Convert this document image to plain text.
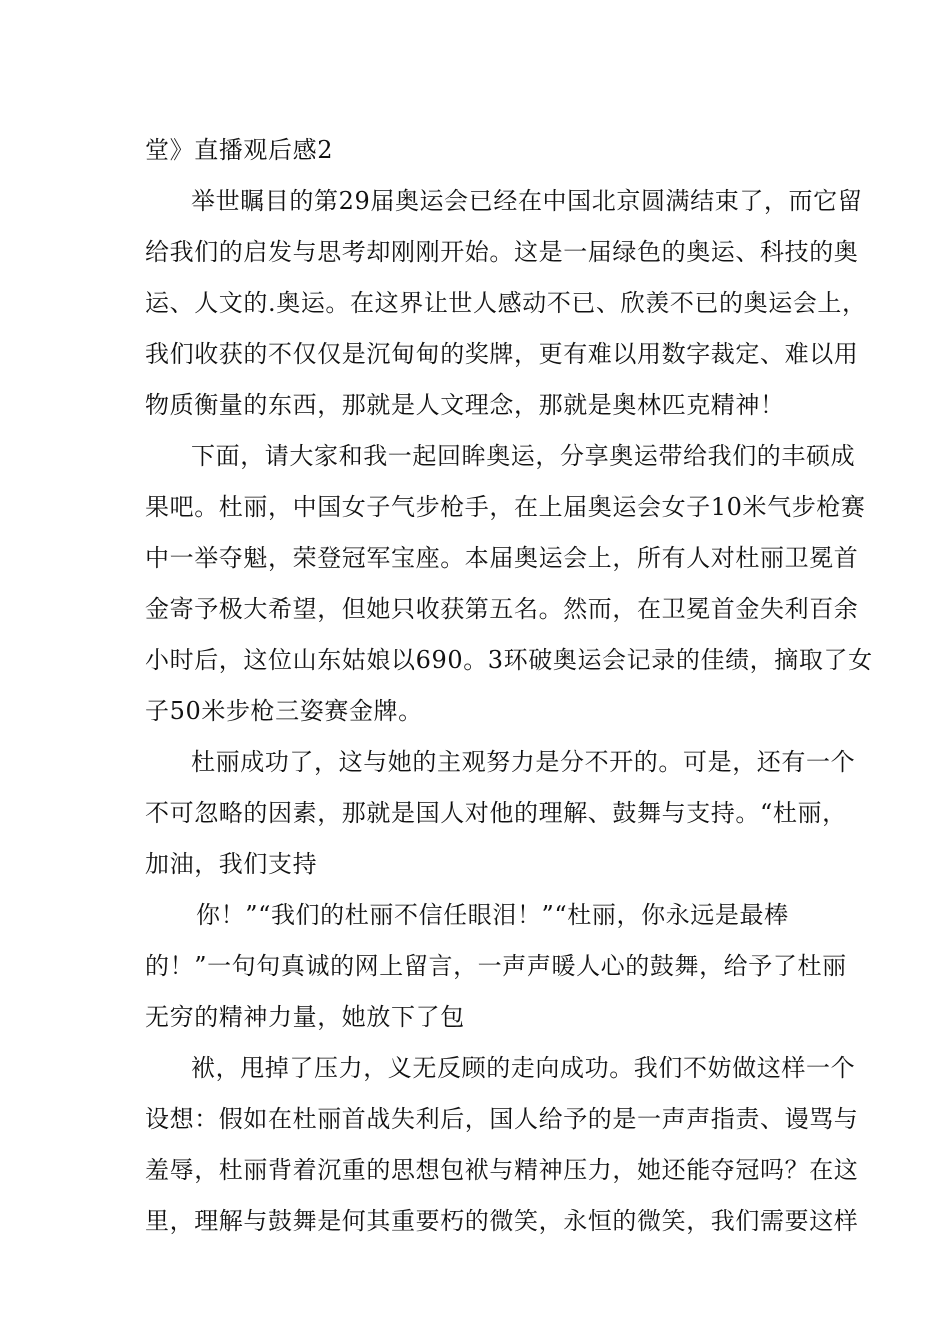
堂》直播观后感2
举世瞩目的第29届奥运会已经在中国北京圆满结束了，而它留
给我们的启发与思考却刚刚开始。这是一届绿色的奥运、科技的奥
运、人文的.奥运。在这界让世人感动不已、欣羡不已的奥运会上，
我们收获的不仅仅是沉甸甸的奖牌，更有难以用数字裁定、难以用
物质衡量的东西，那就是人文理念，那就是奥林匹克精神！
下面，请大家和我一起回眸奥运，分享奥运带给我们的丰硕成
果吧。杜丽，中国女子气步枪手，在上届奥运会女子10米气步枪赛
中一举夺魁，荣登冠军宝座。本届奥运会上，所有人对杜丽卫冕首
金寄予极大希望，但她只收获第五名。然而，在卫冕首金失利百余
小时后，这位山东姑娘以690。3环破奥运会记录的佳绩，摘取了女
子50米步枪三姿赛金牌。
杜丽成功了，这与她的主观努力是分不开的。可是，还有一个
不可忽略的因素，那就是国人对他的理解、鼓舞与支持。“杜丽，
加油，我们支持
你！”“我们的杜丽不信任眼泪！”“杜丽，你永远是最棒
的！”一句句真诚的网上留言，一声声暖人心的鼓舞，给予了杜丽
无穷的精神力量，她放下了包
袱，甩掉了压力，义无反顾的走向成功。我们不妨做这样一个
设想：假如在杜丽首战失利后，国人给予的是一声声指责、谩骂与
羞辱，杜丽背着沉重的思想包袱与精神压力，她还能夺冠吗？在这
里，理解与鼓舞是何其重要朽的微笑，永恒的微笑，我们需要这样
